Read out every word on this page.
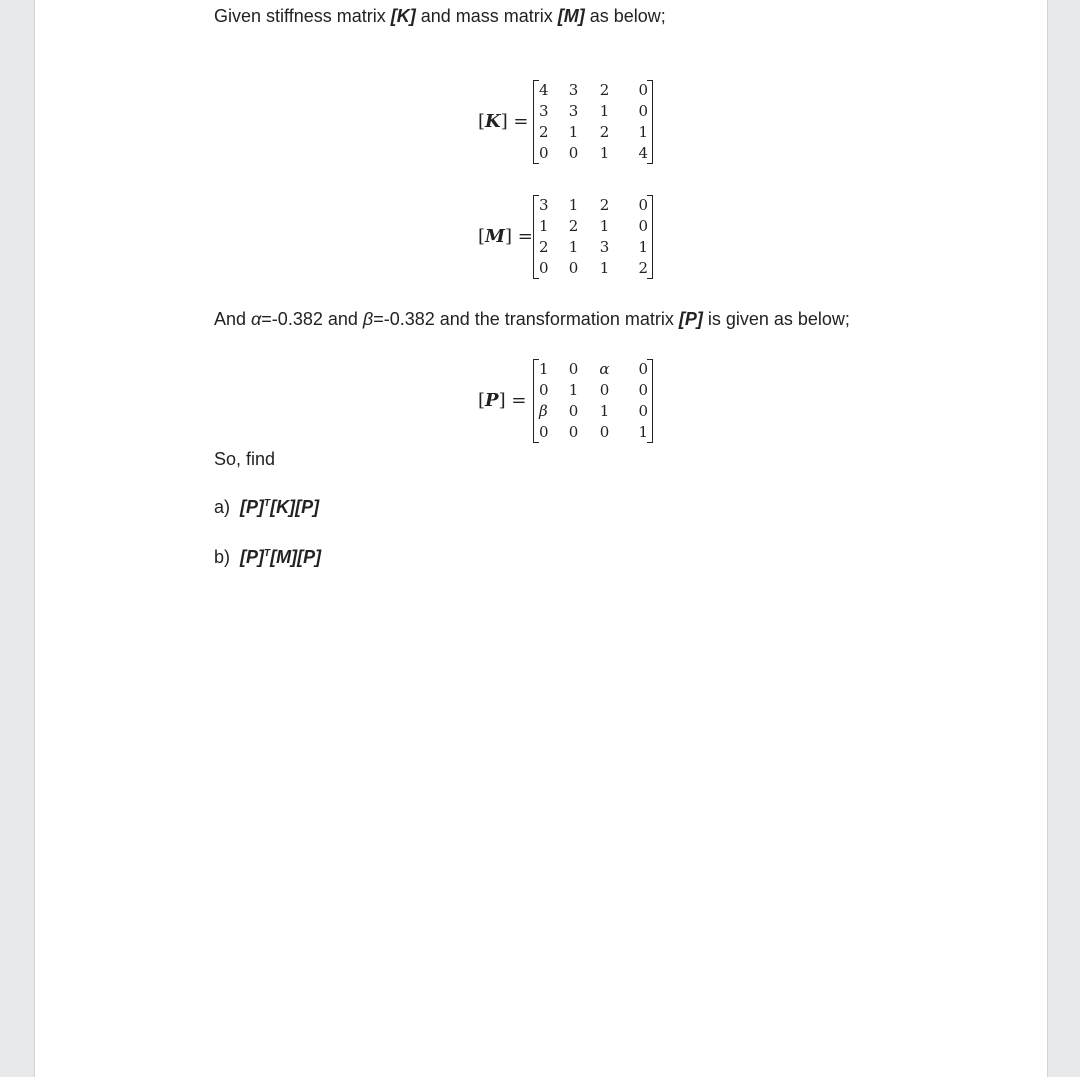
Given stiffness matrix [K] and mass matrix [M] as below;
[K] =
4	3	2	0
3	3	1	0
2	1	2	1
0	0	1	4
[M] =
3	1	2	0
1	2	1	0
2	1	3	1
0	0	1	2
And α=-0.382 and β=-0.382 and the transformation matrix [P] is given as below;
[P] =
1	0	α	0
0	1	0	0
β	0	1	0
0	0	0	1
So, find
a) $[P]^T[K][P]$
b) $[P]^T[M][P]$
